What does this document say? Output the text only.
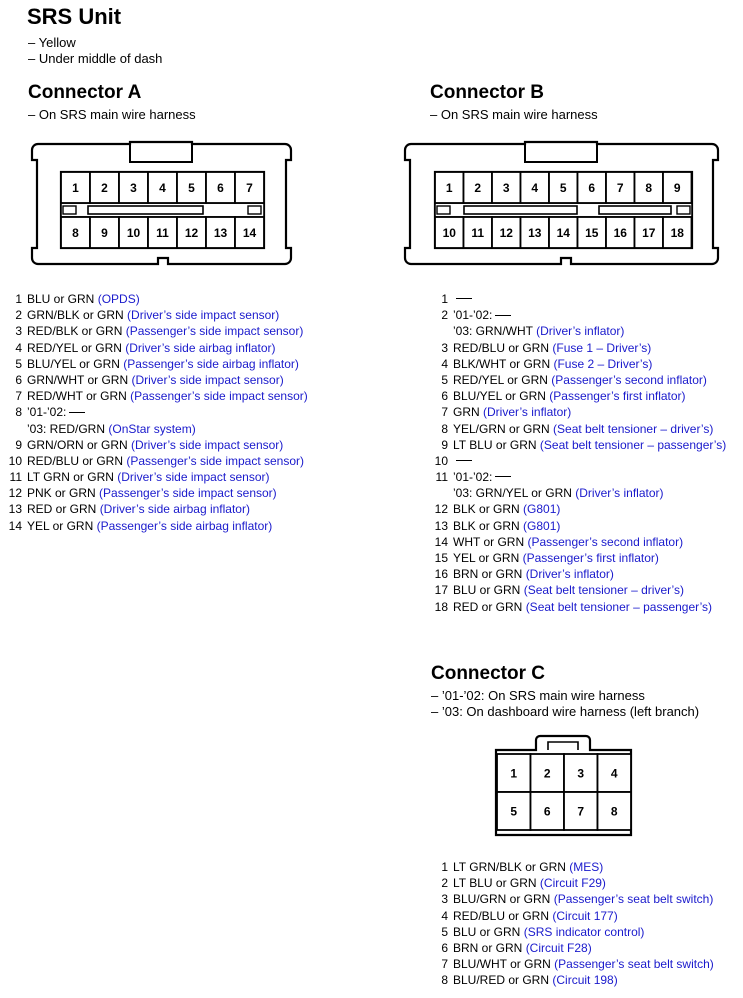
SRS Unit
– Yellow
– Under middle of dash
Connector A
– On SRS main wire harness
1 2 3 4 5 6 7
8 9 10 11 12 13 14
1 BLU or GRN (OPDS)
2 GRN/BLK or GRN (Driver’s side impact sensor)
3 RED/BLK or GRN (Passenger’s side impact sensor)
4 RED/YEL or GRN (Driver’s side airbag inflator)
5 BLU/YEL or GRN (Passenger’s side airbag inflator)
6 GRN/WHT or GRN (Driver’s side impact sensor)
7 RED/WHT or GRN (Passenger’s side impact sensor)
8 ’01-’02:
’03: RED/GRN (OnStar system)
9 GRN/ORN or GRN (Driver’s side impact sensor)
10 RED/BLU or GRN (Passenger’s side impact sensor)
11 LT GRN or GRN (Driver’s side impact sensor)
12 PNK or GRN (Passenger’s side impact sensor)
13 RED or GRN (Driver’s side airbag inflator)
14 YEL or GRN (Passenger’s side airbag inflator)
Connector B
– On SRS main wire harness
1 2 3 4 5 6 7 8 9
10 11 12 13 14 15 16 17 18
1
2 ’01-’02:
’03: GRN/WHT (Driver’s inflator)
3 RED/BLU or GRN (Fuse 1 – Driver’s)
4 BLK/WHT or GRN (Fuse 2 – Driver’s)
5 RED/YEL or GRN (Passenger’s second inflator)
6 BLU/YEL or GRN (Passenger’s first inflator)
7 GRN (Driver’s inflator)
8 YEL/GRN or GRN (Seat belt tensioner – driver’s)
9 LT BLU or GRN (Seat belt tensioner – passenger’s)
10
11 ’01-’02:
’03: GRN/YEL or GRN (Driver’s inflator)
12 BLK or GRN (G801)
13 BLK or GRN (G801)
14 WHT or GRN (Passenger’s second inflator)
15 YEL or GRN (Passenger’s first inflator)
16 BRN or GRN (Driver’s inflator)
17 BLU or GRN (Seat belt tensioner – driver’s)
18 RED or GRN (Seat belt tensioner – passenger’s)
Connector C
– ’01-’02: On SRS main wire harness
– ’03: On dashboard wire harness (left branch)
1 2 3 4
5 6 7 8
1 LT GRN/BLK or GRN (MES)
2 LT BLU or GRN (Circuit F29)
3 BLU/GRN or GRN (Passenger’s seat belt switch)
4 RED/BLU or GRN (Circuit 177)
5 BLU or GRN (SRS indicator control)
6 BRN or GRN (Circuit F28)
7 BLU/WHT or GRN (Passenger’s seat belt switch)
8 BLU/RED or GRN (Circuit 198)
